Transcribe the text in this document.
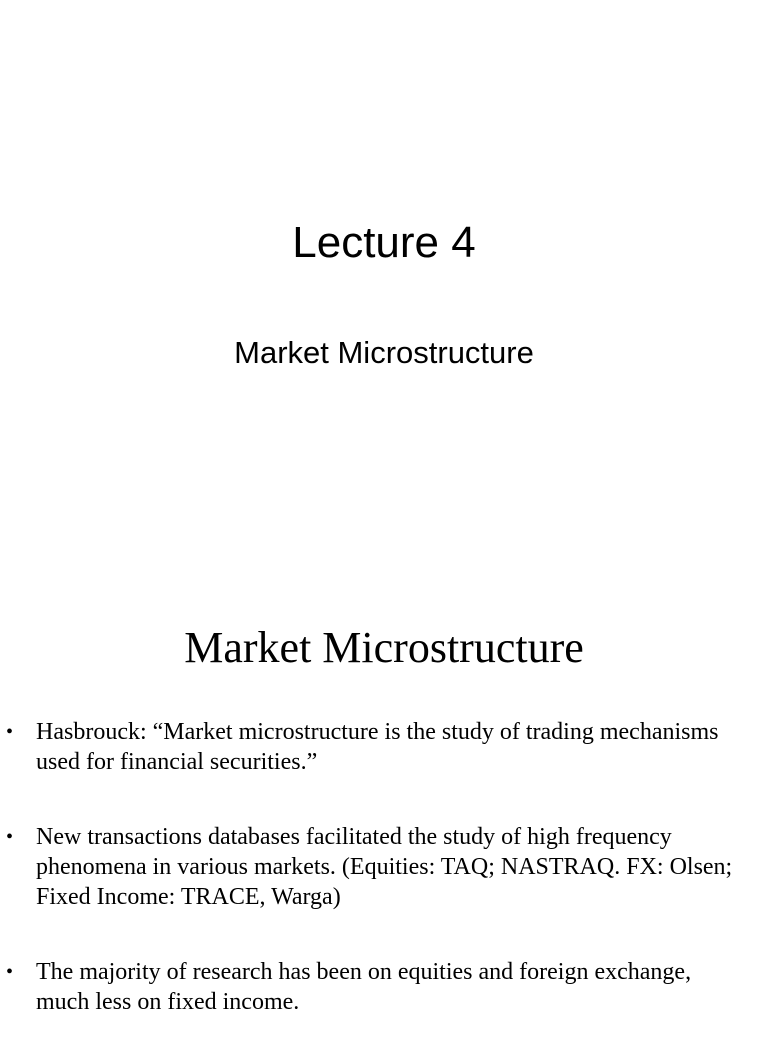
Lecture 4
Market Microstructure
Market Microstructure
• Hasbrouck: “Market microstructure is the study of trading mechanisms used for financial securities.”
• New transactions databases facilitated the study of high frequency phenomena in various markets. (Equities: TAQ; NASTRAQ. FX: Olsen; Fixed Income: TRACE, Warga)
• The majority of research has been on equities and foreign exchange, much less on fixed income.
